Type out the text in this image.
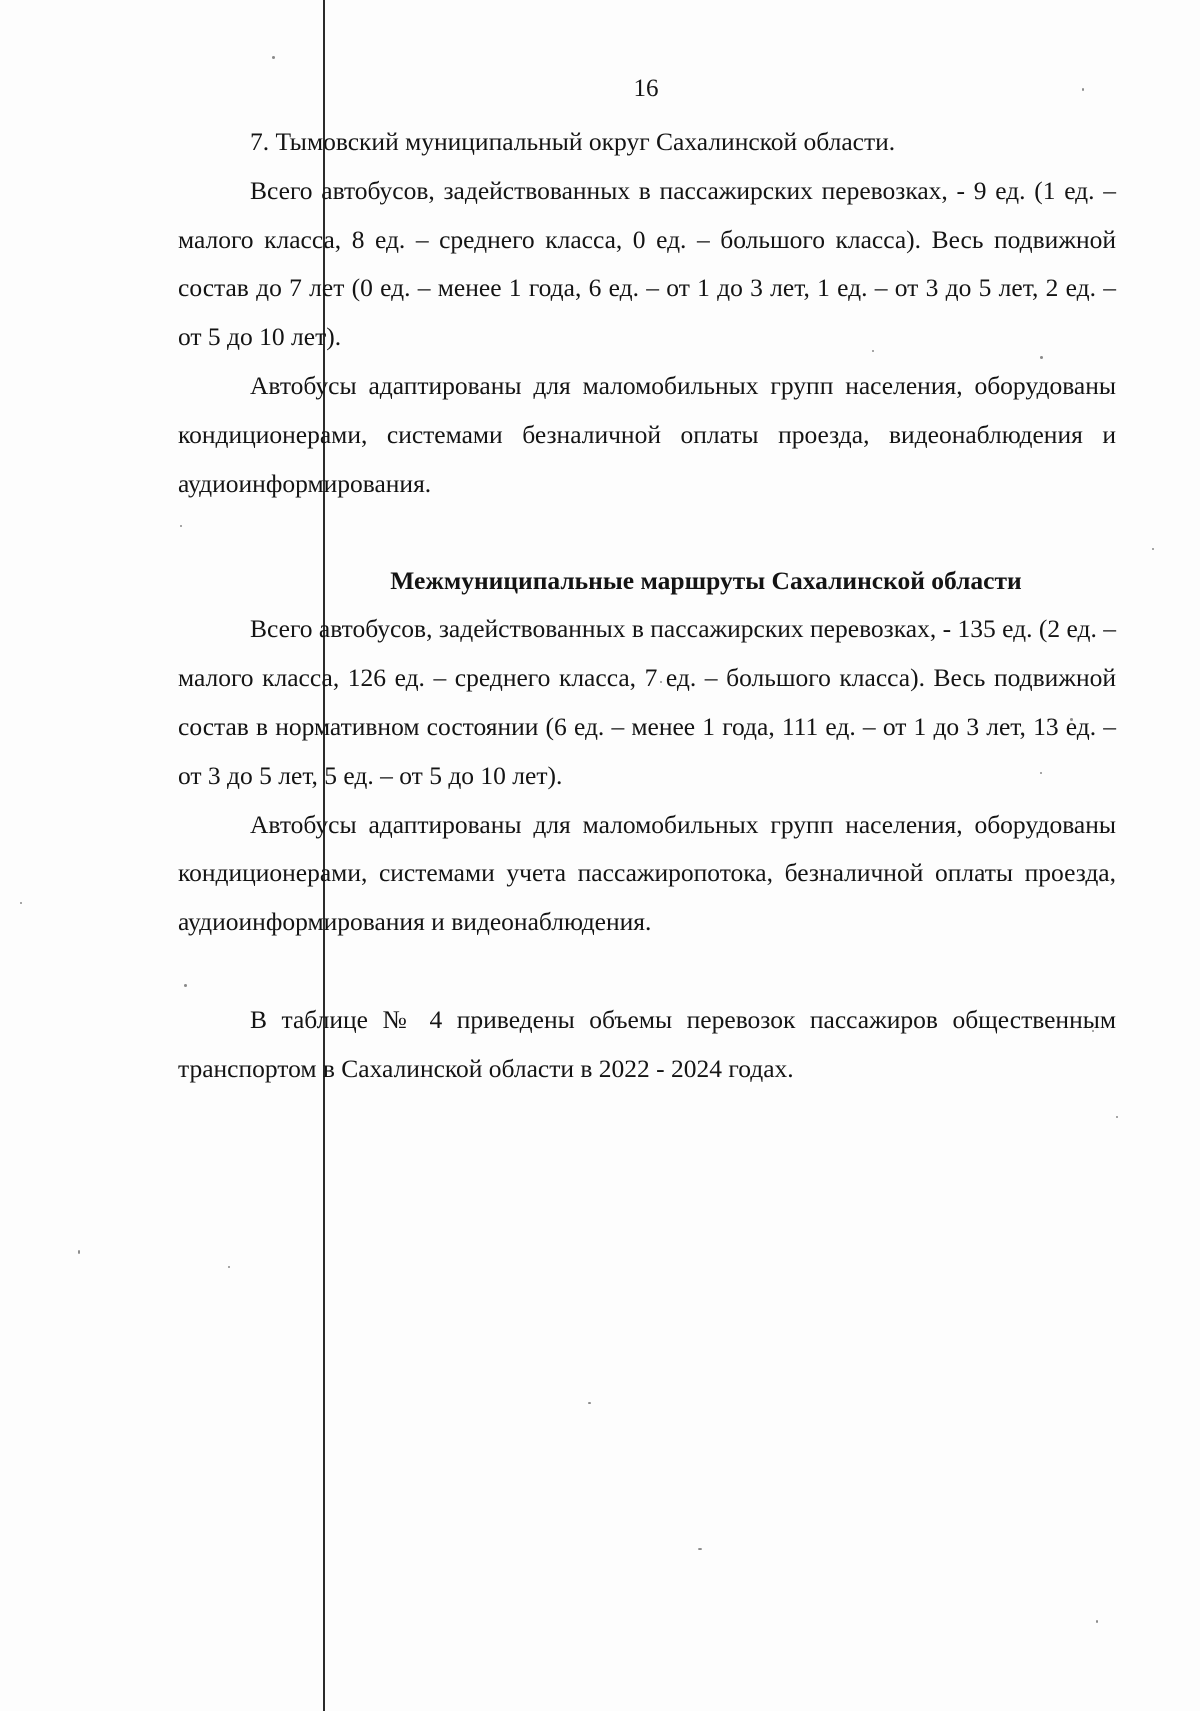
16

7. Тымовский муниципальный округ Сахалинской области.

Всего автобусов, задействованных в пассажирских перевозках, - 9 ед. (1 ед. – малого класса, 8 ед. – среднего класса, 0 ед. – большого класса). Весь подвижной состав до 7 лет (0 ед. – менее 1 года, 6 ед. – от 1 до 3 лет, 1 ед. – от 3 до 5 лет, 2 ед. – от 5 до 10 лет).

Автобусы адаптированы для маломобильных групп населения, оборудованы кондиционерами, системами безналичной оплаты проезда, видеонаблюдения и аудиоинформирования.

Межмуниципальные маршруты Сахалинской области

Всего автобусов, задействованных в пассажирских перевозках, - 135 ед. (2 ед. – малого класса, 126 ед. – среднего класса, 7 ед. – большого класса). Весь подвижной состав в нормативном состоянии (6 ед. – менее 1 года, 111 ед. – от 1 до 3 лет, 13 ед. – от 3 до 5 лет, 5 ед. – от 5 до 10 лет).

Автобусы адаптированы для маломобильных групп населения, оборудованы кондиционерами, системами учета пассажиропотока, безналичной оплаты проезда, аудиоинформирования и видеонаблюдения.

В таблице № 4 приведены объемы перевозок пассажиров общественным транспортом в Сахалинской области в 2022 - 2024 годах.
